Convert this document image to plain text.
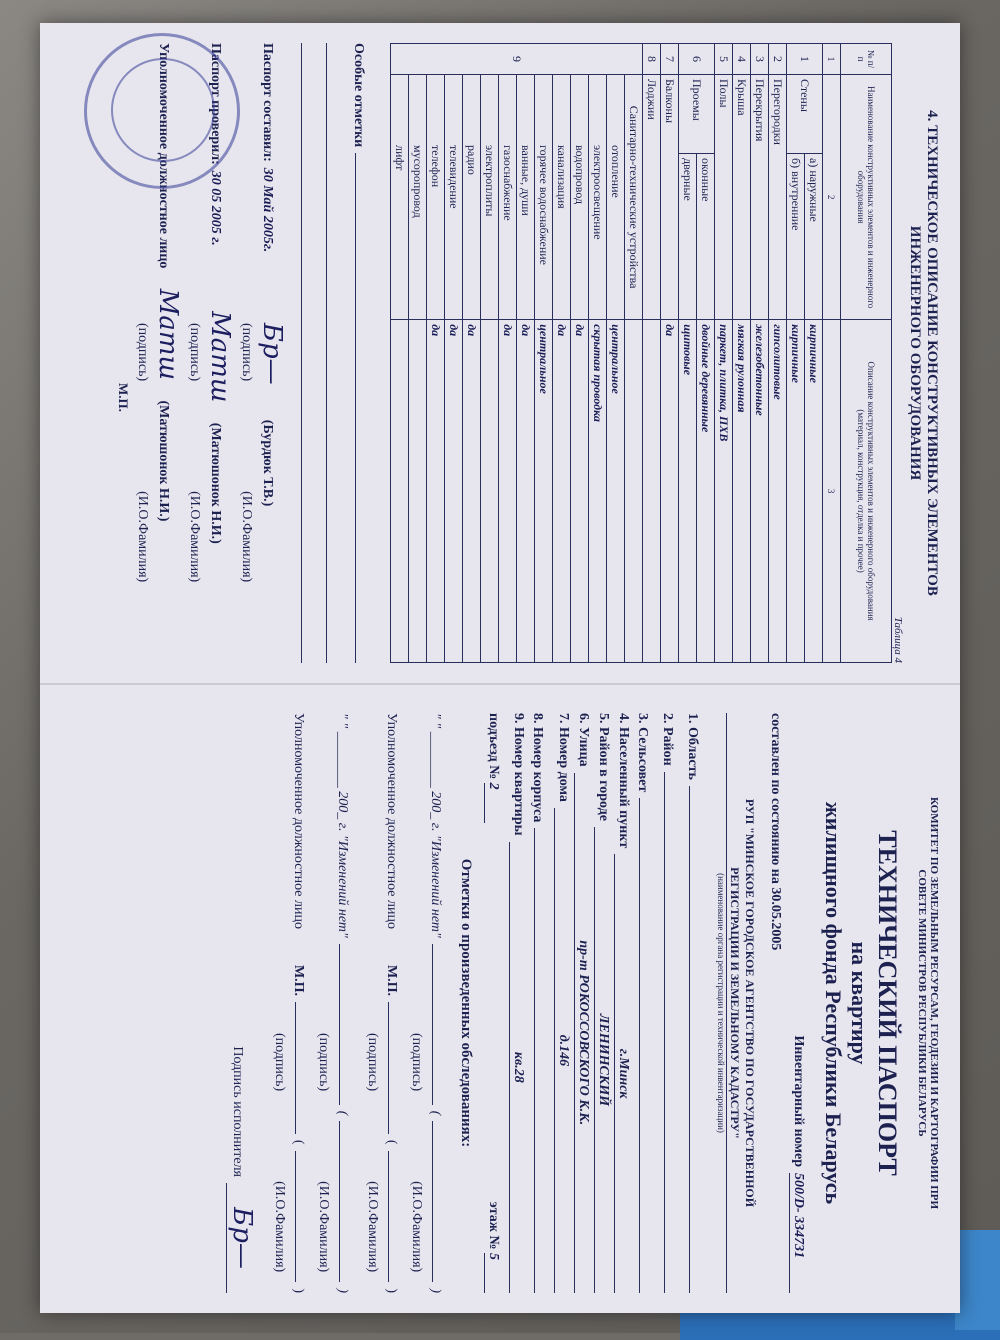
4. ТЕХНИЧЕСКОЕ ОПИСАНИЕ КОНСТРУКТИВНЫХ ЭЛЕМЕНТОВ
ИНЖЕНЕРНОГО ОБОРУДОВАНИЯ
Таблица 4
№ п/п	Наименование конструктивных элементов и инженерного оборудования		Описание конструктивных элементов и инженерного оборудования
(материал, конструкция, отделка и прочее)
1	2		3
1	Стены	а) наружные	кирпичные
		б) внутренние	кирпичные
2	Перегородки		гипсолитовые
3	Перекрытия		железобетонные
4	Крыша		мягкая рулонная
5	Полы		паркет, плитка, ПХВ
6	Проемы	оконные	двойные деревянные
		дверные	щитовые
7	Балконы		да
8	Лоджии		
9	Санитарно-технические устройства		
	отопление		центральное
	электроосвещение		скрытая проводка
	водопровод		да
	канализация		да
	горячее водоснабжение		центральное
	ванные, души		да
	газоснабжение		да
	электроплиты		
	радио		да
	телевидение		да
	телефон		да
	мусоропровод		
	лифт		
Особые отметки
Паспорт составил:
30 Май 2005г.
Бр—
(Бурдюк Т.В.)
(подпись)
(И.О.Фамилия)
Паспорт проверил:
30 05 2005 г.
Матш
(Матюшонок Н.И.)
(подпись)
(И.О.Фамилия)
Уполномоченное должностное лицо
Матш
(Матюшонок Н.И.)
(подпись)
(И.О.Фамилия)
М.П.
КОМИТЕТ ПО ЗЕМЕЛЬНЫМ РЕСУРСАМ, ГЕОДЕЗИИ И КАРТОГРАФИИ ПРИ
СОВЕТЕ МИНИСТРОВ РЕСПУБЛИКИ БЕЛАРУСЬ
ТЕХНИЧЕСКИЙ ПАСПОРТ
на квартиру
жилищного фонда Республики Беларусь
Инвентарный номер
500/D- 334731
составлен по состоянию на 30.05.2005
РУП "МИНСКОЕ ГОРОДСКОЕ АГЕНТСТВО ПО ГОСУДАРСТВЕННОЙ
РЕГИСТРАЦИИ И ЗЕМЕЛЬНОМУ КАДАСТРУ"
(наименование органа регистрации и технической инвентаризации)
1. Область
2. Район
3. Сельсовет
4. Населенный пункт
г.Минск
5. Район в городе
ЛЕНИНСКИЙ
6. Улица
пр-т РОКОССОВСКОГО К.К.
7. Номер дома
д.146
8. Номер корпуса
9. Номер квартиры
кв.28
подъезд № 2
этаж № 5
Отметки о произведенных обследованиях:
" " ________ 200_ г. "Изменений нет"
(
)
(подпись)
(И.О.Фамилия)
Уполномоченное должностное лицо
М.П.
(
)
(подпись)
(И.О.Фамилия)
" " ________ 200_ г. "Изменений нет"
(
)
(подпись)
(И.О.Фамилия)
Уполномоченное должностное лицо
М.П.
(
)
(подпись)
(И.О.Фамилия)
Подпись исполнителя
Бр—
